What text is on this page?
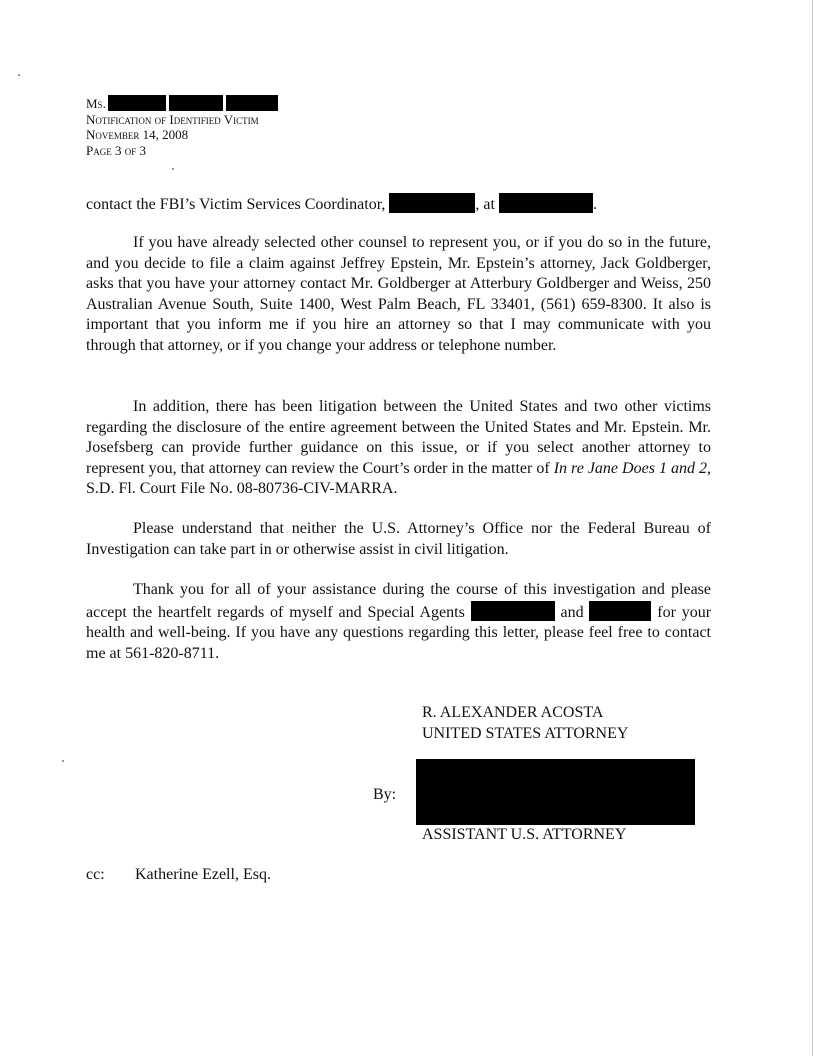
Ms.
Notification of Identified Victim
November 14, 2008
Page 3 of 3
contact the FBI’s Victim Services Coordinator,	, at	.
If you have already selected other counsel to represent you, or if you do so in the future, and you decide to file a claim against Jeffrey Epstein, Mr. Epstein’s attorney, Jack Goldberger, asks that you have your attorney contact Mr. Goldberger at Atterbury Goldberger and Weiss, 250 Australian Avenue South, Suite 1400, West Palm Beach, FL 33401, (561) 659-8300. It also is important that you inform me if you hire an attorney so that I may communicate with you through that attorney, or if you change your address or telephone number.
In addition, there has been litigation between the United States and two other victims regarding the disclosure of the entire agreement between the United States and Mr. Epstein. Mr. Josefsberg can provide further guidance on this issue, or if you select another attorney to represent you, that attorney can review the Court’s order in the matter of In re Jane Does 1 and 2, S.D. Fl. Court File No. 08-80736-CIV-MARRA.
Please understand that neither the U.S. Attorney’s Office nor the Federal Bureau of Investigation can take part in or otherwise assist in civil litigation.
Thank you for all of your assistance during the course of this investigation and please accept the heartfelt regards of myself and Special Agents	and	for your health and well-being. If you have any questions regarding this letter, please feel free to contact me at 561-820-8711.
R. ALEXANDER ACOSTA
UNITED STATES ATTORNEY
By:
ASSISTANT U.S. ATTORNEY
cc: Katherine Ezell, Esq.
